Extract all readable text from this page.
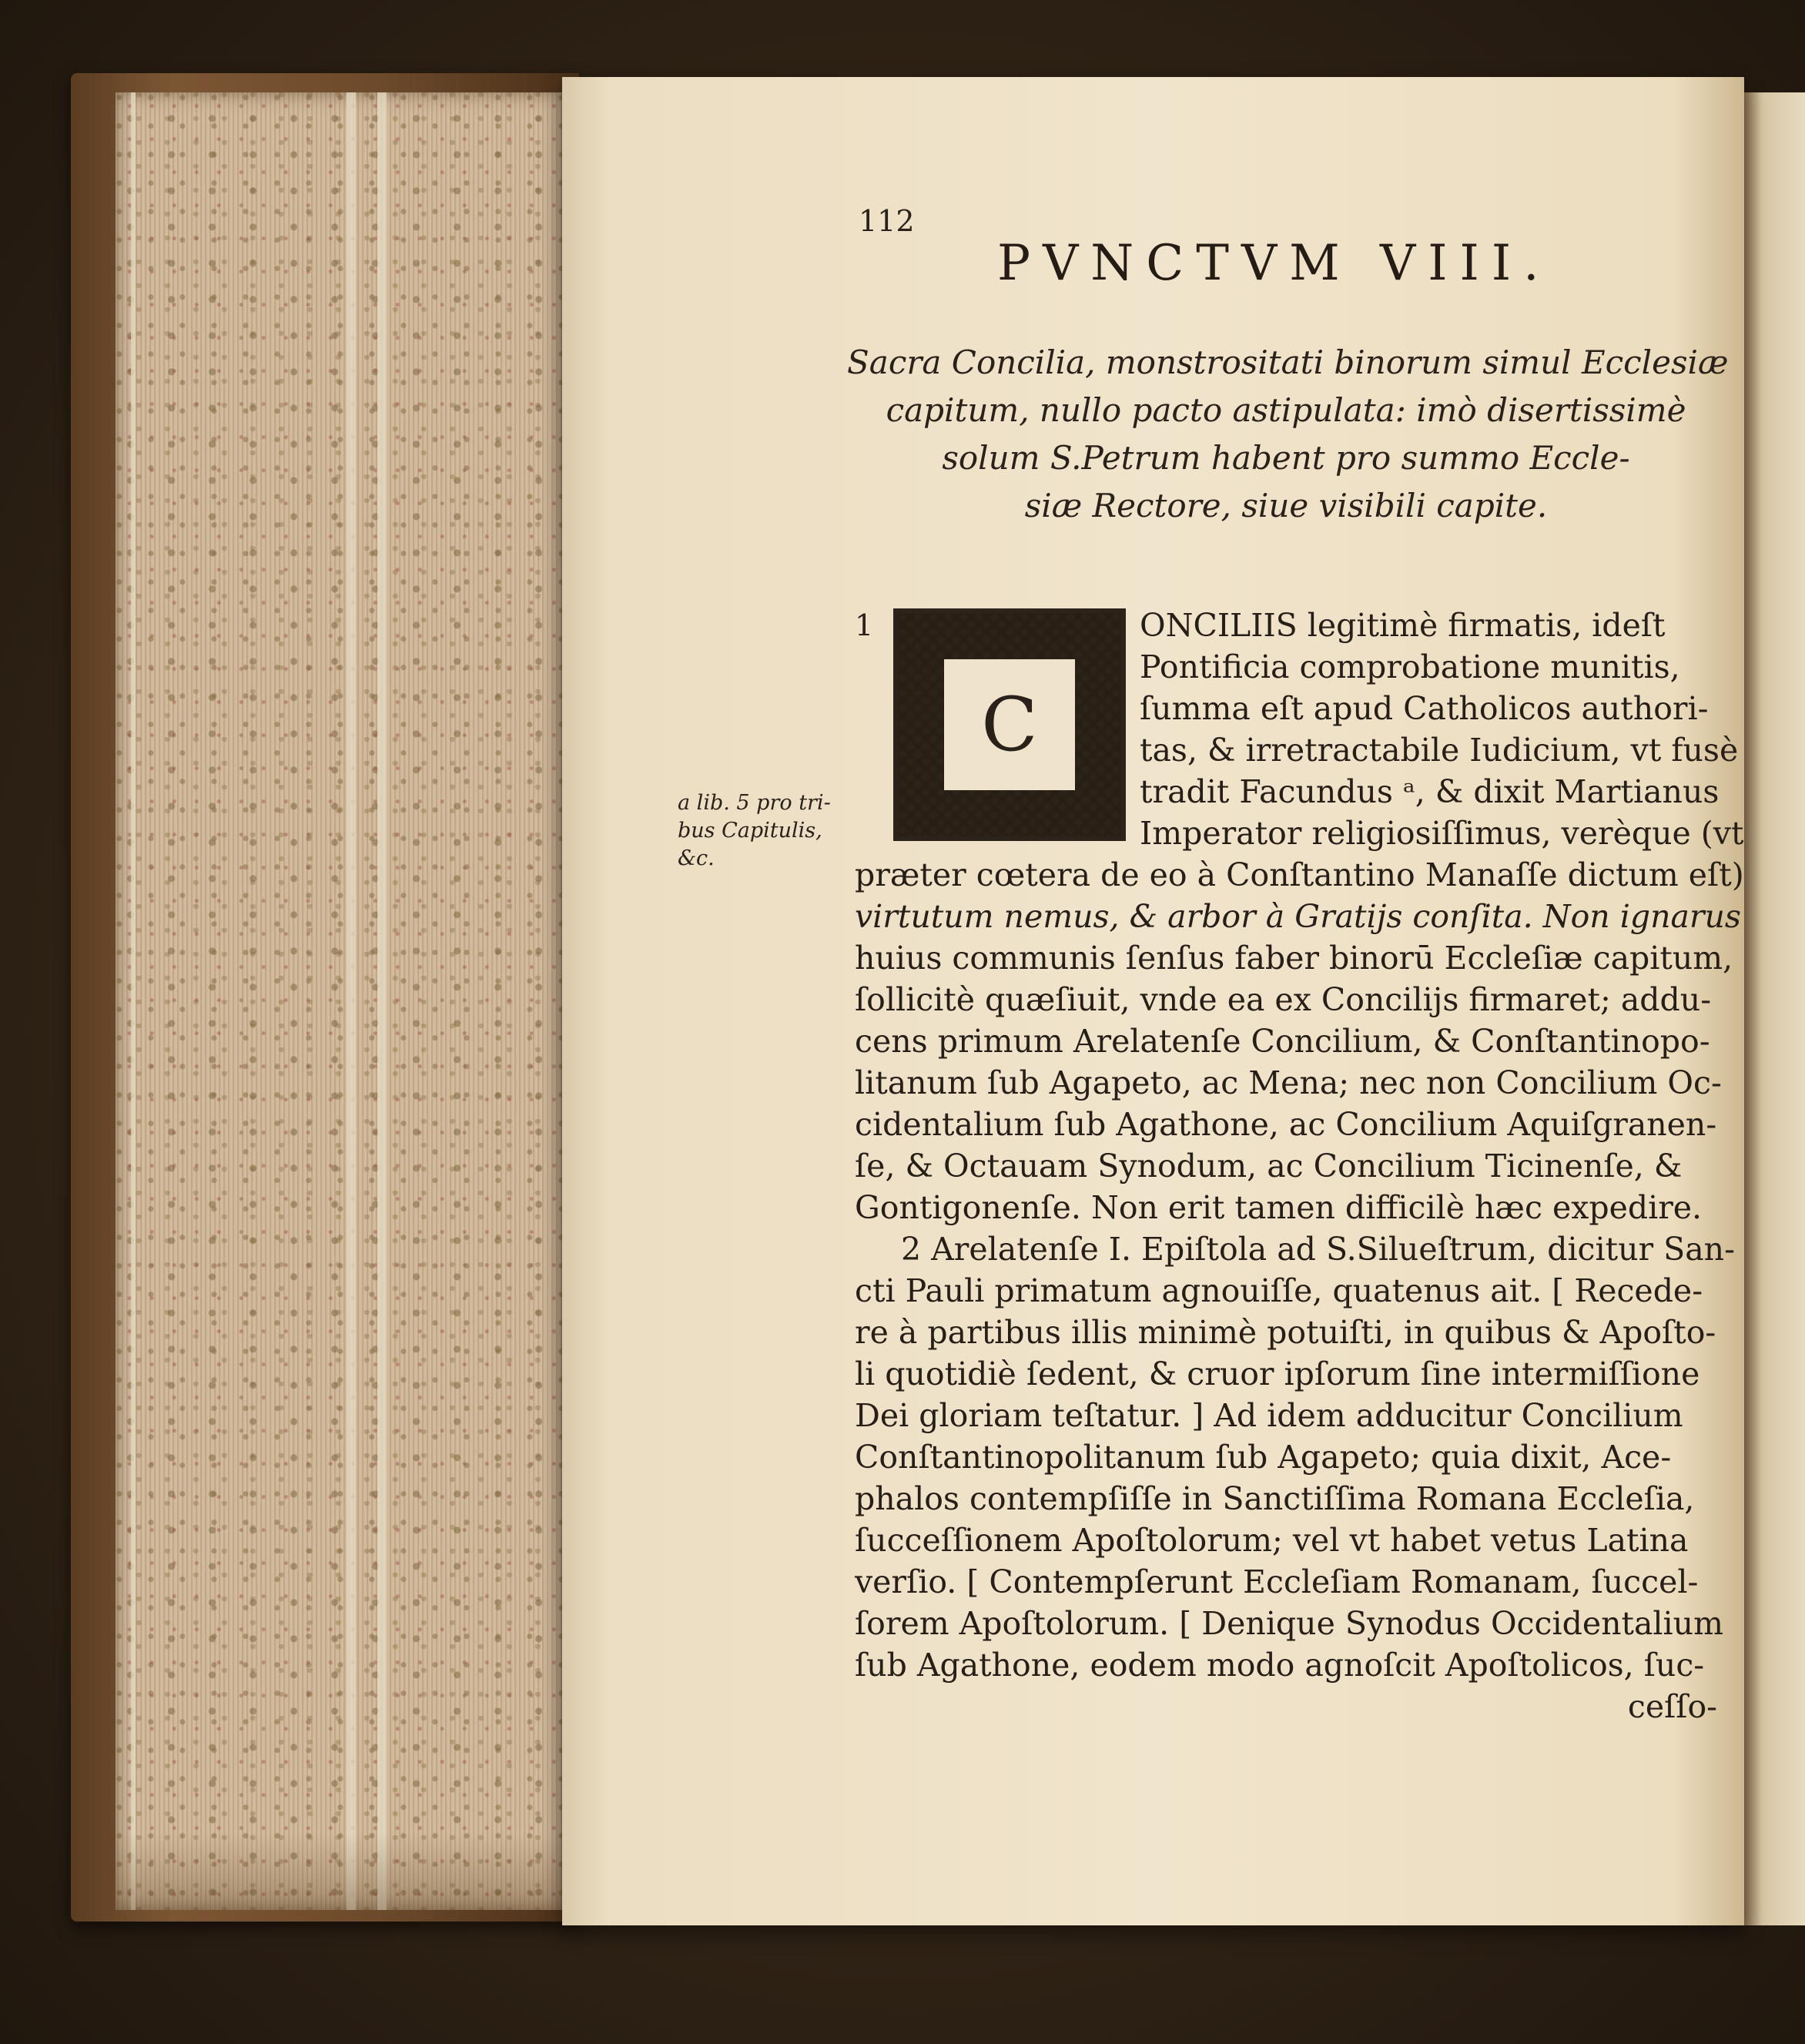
112
PVNCTVM VIII.
Sacra Concilia, monstrositati binorum simul Ecclesiæ
capitum, nullo pacto astipulata: imò disertissimè
solum S.Petrum habent pro summo Eccle-
siæ Rectore, siue visibili capite.
a lib. 5 pro tri-
bus Capitulis,
&c.
1
C
ONCILIIS legitimè firmatis, ideſt
Pontificia comprobatione munitis,
ſumma eſt apud Catholicos authori-
tas, & irretractabile Iudicium, vt fusè
tradit Facundus ᵃ, & dixit Martianus
Imperator religiosiſſimus, verèque (vt
præter cœtera de eo à Conſtantino Manaſſe dictum eſt)
virtutum nemus, & arbor à Gratijs conſita. Non ignarus
huius communis ſenſus faber binorū Eccleſiæ capitum,
ſollicitè quæſiuit, vnde ea ex Concilijs firmaret; addu-
cens primum Arelatenſe Concilium, & Conſtantinopo-
litanum ſub Agapeto, ac Mena; nec non Concilium Oc-
cidentalium ſub Agathone, ac Concilium Aquiſgranen-
ſe, & Octauam Synodum, ac Concilium Ticinenſe, &
Gontigonenſe. Non erit tamen difficilè hæc expedire.
2 Arelatenſe I. Epiſtola ad S.Silueſtrum, dicitur San-
cti Pauli primatum agnouiſſe, quatenus ait. [ Recede-
re à partibus illis minimè potuiſti, in quibus & Apoſto-
li quotidiè ſedent, & cruor ipſorum ſine intermiſſione
Dei gloriam teſtatur. ] Ad idem adducitur Concilium
Conſtantinopolitanum ſub Agapeto; quia dixit, Ace-
phalos contempſiſſe in Sanctiſſima Romana Eccleſia,
ſucceſſionem Apoſtolorum; vel vt habet vetus Latina
verſio. [ Contempſerunt Eccleſiam Romanam, ſuccel-
ſorem Apoſtolorum. [ Denique Synodus Occidentalium
ſub Agathone, eodem modo agnoſcit Apoſtolicos, ſuc-
ceſſo-
